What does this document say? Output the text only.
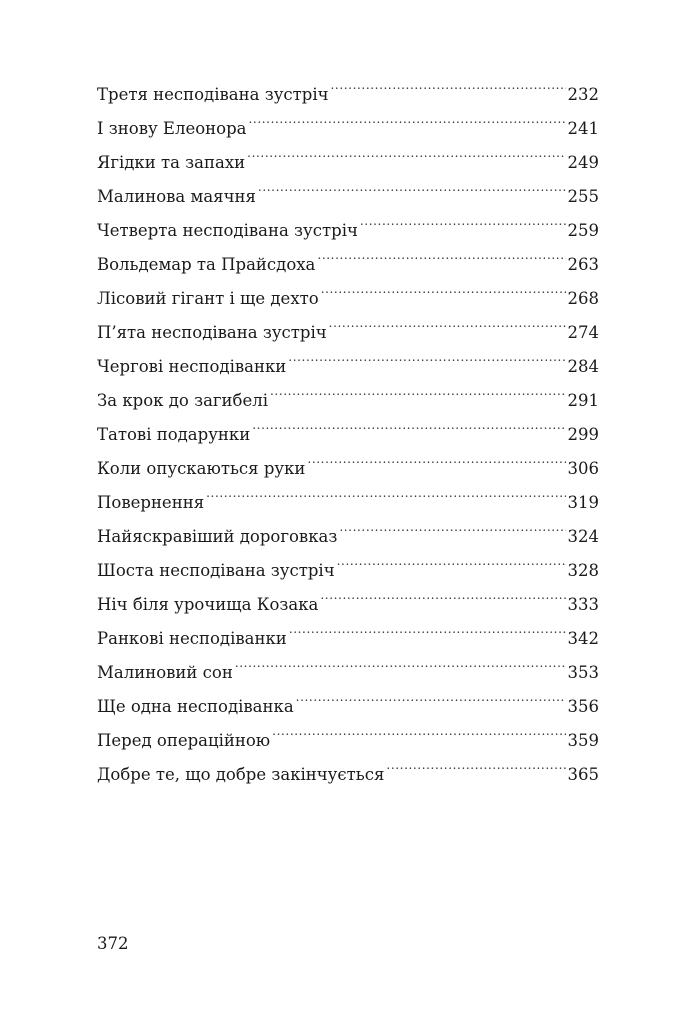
Третя несподівана зустріч .....	232
І знову Елеонора .....	241
Ягідки та запахи .....	249
Малинова маячня .....	255
Четверта несподівана зустріч .....	259
Вольдемар та Прайсдоха .....	263
Лісовий гігант і ще дехто .....	268
П’ята несподівана зустріч .....	274
Чергові несподіванки .....	284
За крок до загибелі .....	291
Татові подарунки .....	299
Коли опускаються руки .....	306
Повернення .....	319
Найяскравіший дороговказ .....	324
Шоста несподівана зустріч .....	328
Ніч біля урочища Козака .....	333
Ранкові несподіванки .....	342
Малиновий сон .....	353
Ще одна несподіванка .....	356
Перед операційною .....	359
Добре те, що добре закінчується .....	365
372
